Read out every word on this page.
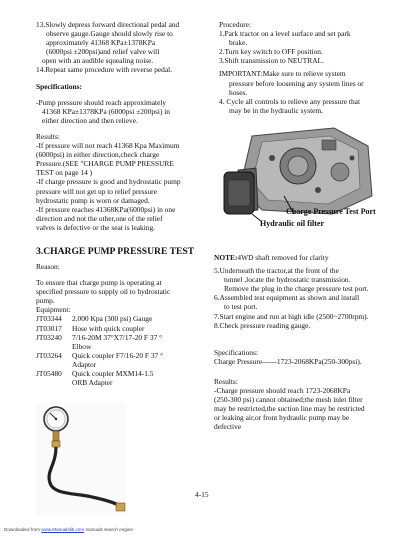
13.Slowly depress forward directional pedal and

observe gauge.Gauge should slowly rise to

approximately 41368 KPa±1378KPa

(6000psi ±200psi)and relief valve will

open with an audible squealing noise.

14.Repeat same procedure with reverse pedal.

Specifications:

-Pump pressure should reach approximately

41368 KPa±1378KPa (6000psi ±200psi) in

either direction and then relieve.

Results:

-If pressure will not reach 41368 Kpa Maximum

(6000psi) in either direction,check charge

Pressure.(SEE "CHARGE PUMP PRESSURE

TEST on page 14 )

-If charge pressure is good and hydrostatic pump

pressure will not get up to relief pressure

hydrostatic pump is worn or damaged.

-If pressure reaches 41368KPa(6000psi) in one

direction and not the other,one of the relief

valves is defective or the seat is leaking.

3.CHARGE PUMP PRESSURE TEST

Reason:

To ensure that charge pump is operating at

specified pressure to supply oil to hydrostatic

pump.

Equipment:

JT03344	2.000 Kpa (300 psi) Gauge
JT03017	Hose with quick coupler
JT03240	7/16-20M 37°X7/17-20 F 37 °
Elbow
JT03264	Quick coupler F7/16-20 F 37 °
Adaptor
JT05480	Quick coupler MXM14-1.5
ORB Adapter

Procedure:

1.Park tractor on a level surface and set park

brake.

2.Turn key switch to OFF position.

3.Shift transmission to NEUTRAL.

IMPORTANT:Make sure to relieve system

pressure before loosening any system lines or

hoses.

4. Cycle all controls to relieve any pressure that

may be in the hydraulic system.

Charge Pressure Test Port
Hydraulic oil filter

NOTE:4WD shaft removed for clarity

5.Underneath the tractor,at the front of the

tunnel ,locate the hydrostatic transmission.

Remove the plug in the charge pressure test port.

6.Assembled test equipment as shown and install

to test port.

7.Start engine and run at high idle (2500~2700rpm).

8.Check pressure reading gauge.

Specifications:

Charge Pressure------1723-2068KPa(250-300psi).

Results:

-Charge pressure should reach 1723-2068KPa

(250-300 psi) cannot obtained;the mesh inlet filter

may be restricted,the suction line may be restricted

or leaking air,or front hydraulic pump may be

defective

4-15
Downloaded from www.Manualslib.com manuals search engine
